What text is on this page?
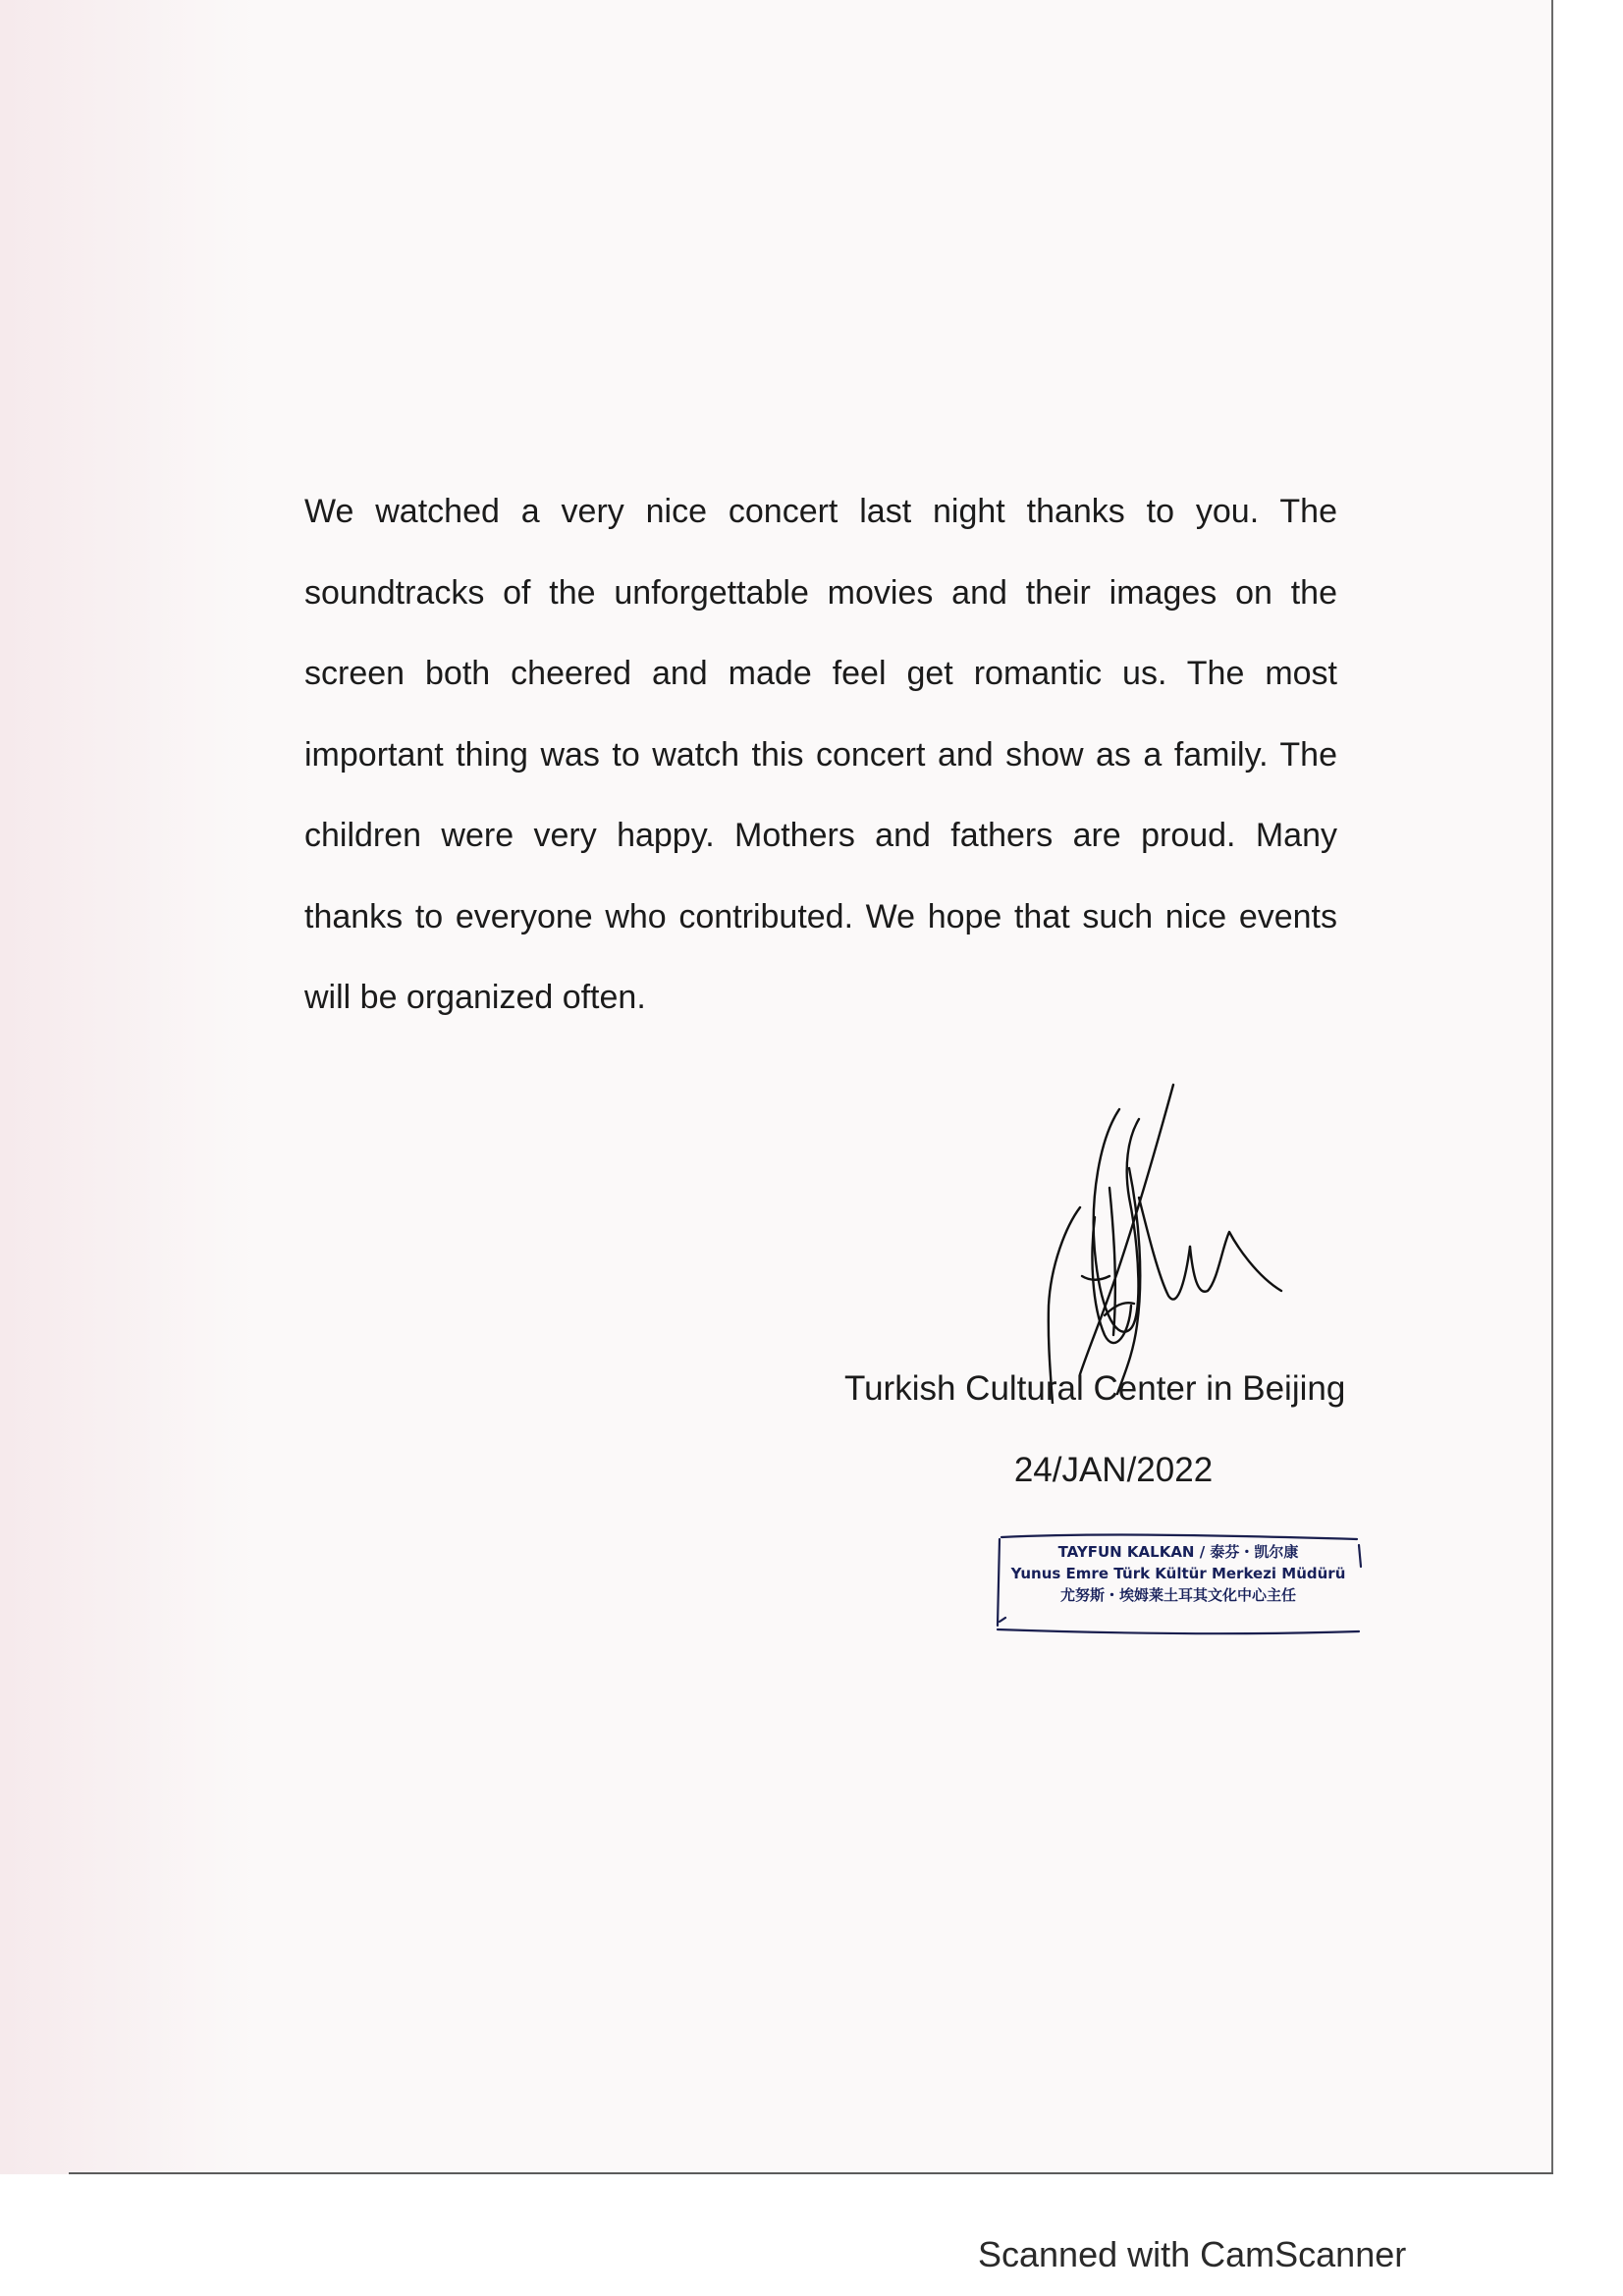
We watched a very nice concert last night thanks to you. The soundtracks of the unforgettable movies and their images on the screen both cheered and made feel get romantic us. The most important thing was to watch this concert and show as a family. The children were very happy. Mothers and fathers are proud. Many thanks to everyone who contributed. We hope that such nice events will be organized often.

Turkish Cultural Center in Beijing
24/JAN/2022
TAYFUN KALKAN / 泰芬・凯尔康
Yunus Emre Türk Kültür Merkezi Müdürü
尤努斯・埃姆莱土耳其文化中心主任
Scanned with CamScanner
